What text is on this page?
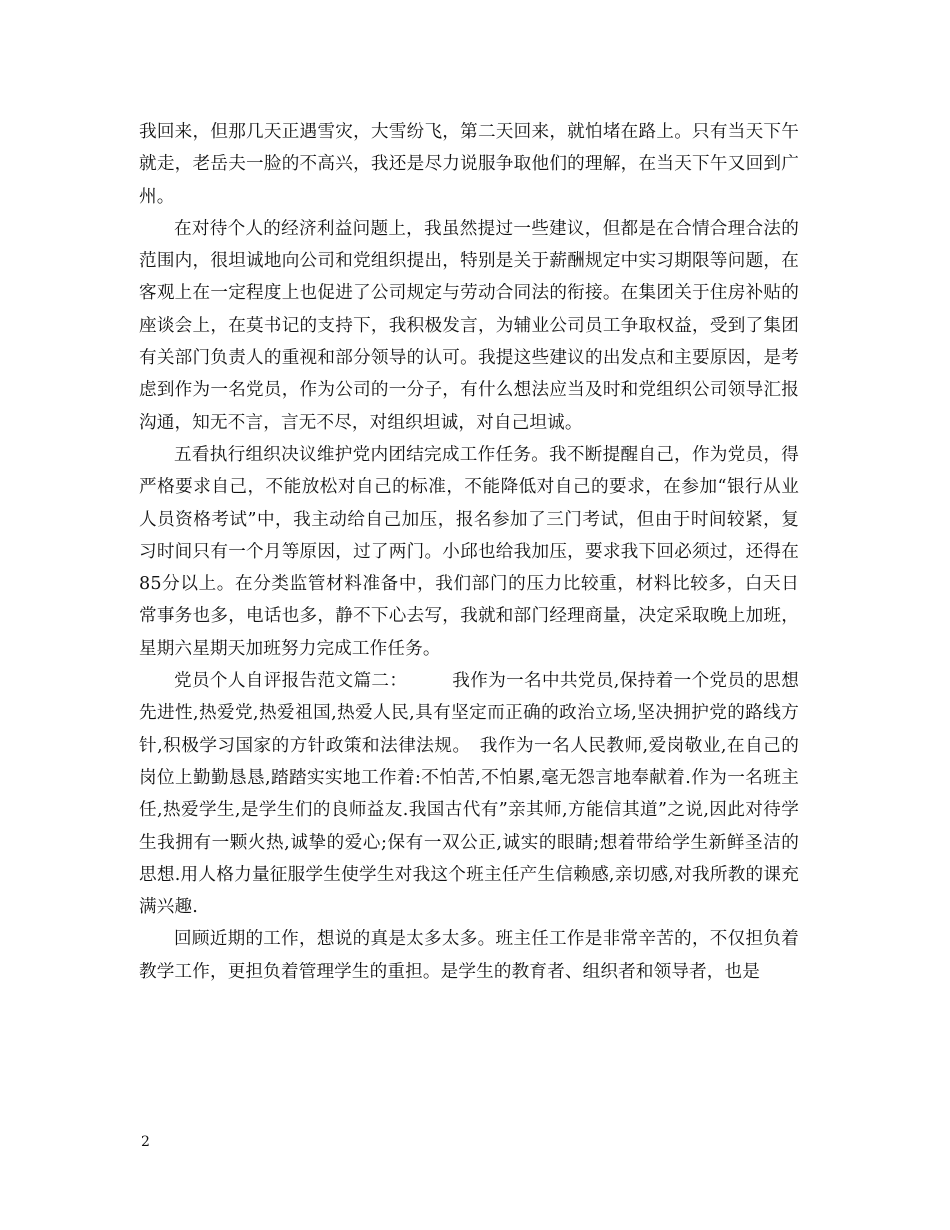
我回来，但那几天正遇雪灾，大雪纷飞，第二天回来，就怕堵在路上。只有当天下午就走，老岳夫一脸的不高兴，我还是尽力说服争取他们的理解，在当天下午又回到广州。

在对待个人的经济利益问题上，我虽然提过一些建议，但都是在合情合理合法的范围内，很坦诚地向公司和党组织提出，特别是关于薪酬规定中实习期限等问题，在客观上在一定程度上也促进了公司规定与劳动合同法的衔接。在集团关于住房补贴的座谈会上，在莫书记的支持下，我积极发言，为辅业公司员工争取权益，受到了集团有关部门负责人的重视和部分领导的认可。我提这些建议的出发点和主要原因，是考虑到作为一名党员，作为公司的一分子，有什么想法应当及时和党组织公司领导汇报沟通，知无不言，言无不尽，对组织坦诚，对自己坦诚。

五看执行组织决议维护党内团结完成工作任务。我不断提醒自己，作为党员，得严格要求自己，不能放松对自己的标准，不能降低对自己的要求，在参加“银行从业人员资格考试”中，我主动给自己加压，报名参加了三门考试，但由于时间较紧，复习时间只有一个月等原因，过了两门。小邱也给我加压，要求我下回必须过，还得在85分以上。在分类监管材料准备中，我们部门的压力比较重，材料比较多，白天日常事务也多，电话也多，静不下心去写，我就和部门经理商量，决定采取晚上加班，星期六星期天加班努力完成工作任务。

党员个人自评报告范文篇二：　　　我作为一名中共党员,保持着一个党员的思想先进性,热爱党,热爱祖国,热爱人民,具有坚定而正确的政治立场,坚决拥护党的路线方针,积极学习国家的方针政策和法律法规。　我作为一名人民教师,爱岗敬业,在自己的岗位上勤勤恳恳,踏踏实实地工作着:不怕苦,不怕累,毫无怨言地奉献着.作为一名班主任,热爱学生,是学生们的良师益友.我国古代有”亲其师,方能信其道”之说,因此对待学生我拥有一颗火热,诚挚的爱心;保有一双公正,诚实的眼睛;想着带给学生新鲜圣洁的思想.用人格力量征服学生使学生对我这个班主任产生信赖感,亲切感,对我所教的课充满兴趣.

回顾近期的工作，想说的真是太多太多。班主任工作是非常辛苦的，不仅担负着教学工作，更担负着管理学生的重担。是学生的教育者、组织者和领导者，也是

2
